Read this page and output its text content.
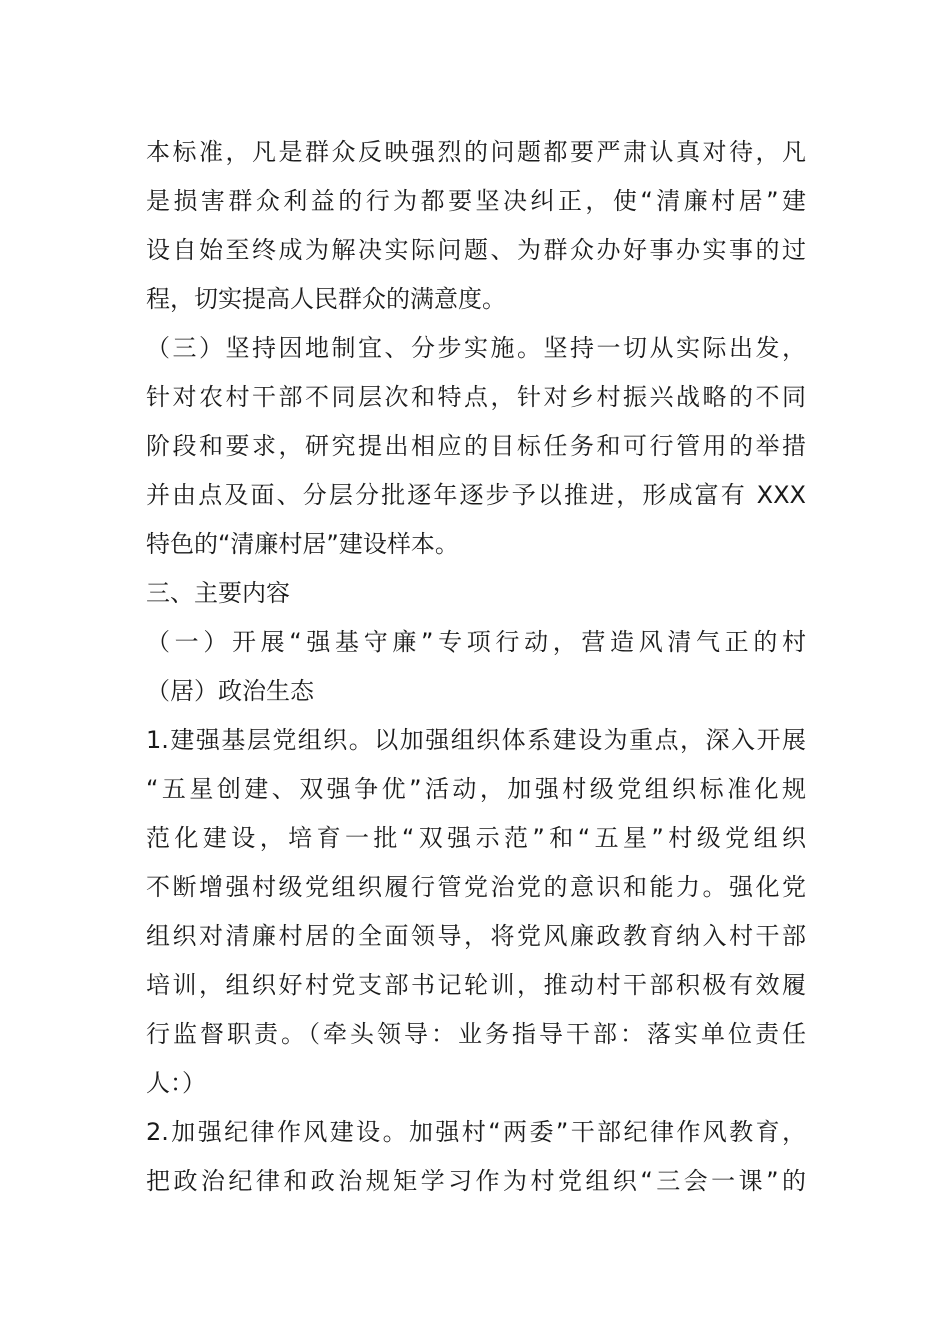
本标准，凡是群众反映强烈的问题都要严肃认真对待，凡
是损害群众利益的行为都要坚决纠正，使“清廉村居”建
设自始至终成为解决实际问题、为群众办好事办实事的过
程，切实提高人民群众的满意度。
（三）坚持因地制宜、分步实施。坚持一切从实际出发，
针对农村干部不同层次和特点，针对乡村振兴战略的不同
阶段和要求，研究提出相应的目标任务和可行管用的举措
并由点及面、分层分批逐年逐步予以推进，形成富有 XXX
特色的“清廉村居”建设样本。
三、主要内容
（一）开展“强基守廉”专项行动，营造风清气正的村
（居）政治生态
1.建强基层党组织。以加强组织体系建设为重点，深入开展
“五星创建、双强争优”活动，加强村级党组织标准化规
范化建设，培育一批“双强示范”和“五星”村级党组织
不断增强村级党组织履行管党治党的意识和能力。强化党
组织对清廉村居的全面领导，将党风廉政教育纳入村干部
培训，组织好村党支部书记轮训，推动村干部积极有效履
行监督职责。（牵头领导：业务指导干部：落实单位责任
人：）
2.加强纪律作风建设。加强村“两委”干部纪律作风教育，
把政治纪律和政治规矩学习作为村党组织“三会一课”的
